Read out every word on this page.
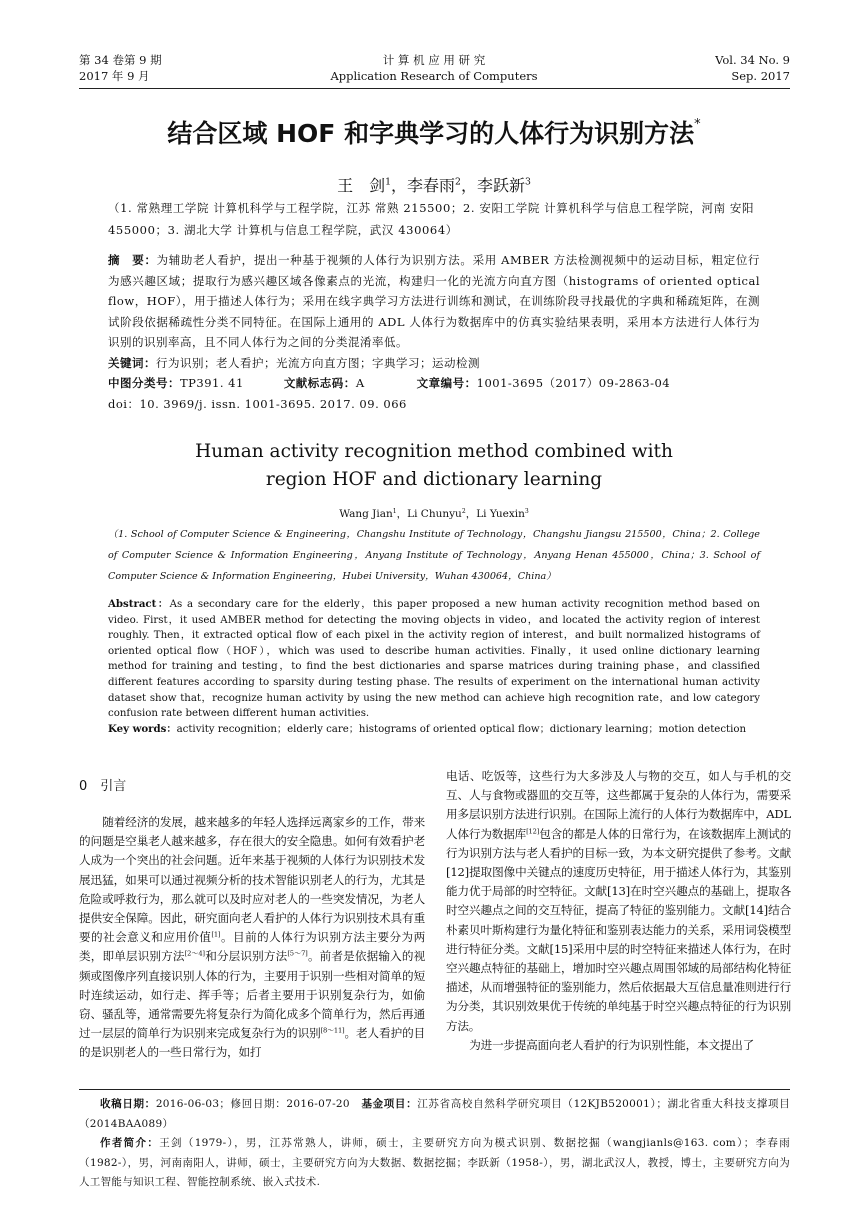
第 34 卷第 9 期
2017 年 9 月
计 算 机 应 用 研 究
Application Research of Computers
Vol. 34 No. 9
Sep. 2017
结合区域 HOF 和字典学习的人体行为识别方法*
王　剑$^1$，李春雨$^2$，李跃新$^3$
（1. 常熟理工学院 计算机科学与工程学院，江苏 常熟 215500；2. 安阳工学院 计算机科学与信息工程学院，河南 安阳 455000；3. 湖北大学 计算机与信息工程学院，武汉 430064）

摘　要：为辅助老人看护，提出一种基于视频的人体行为识别方法。采用 AMBER 方法检测视频中的运动目标，粗定位行为感兴趣区域；提取行为感兴趣区域各像素点的光流，构建归一化的光流方向直方图（histograms of oriented optical flow，HOF），用于描述人体行为；采用在线字典学习方法进行训练和测试，在训练阶段寻找最优的字典和稀疏矩阵，在测试阶段依据稀疏性分类不同特征。在国际上通用的 ADL 人体行为数据库中的仿真实验结果表明，采用本方法进行人体行为识别的识别率高，且不同人体行为之间的分类混淆率低。

关键词：行为识别；老人看护；光流方向直方图；字典学习；运动检测

中图分类号：TP391. 41	文献标志码：A	文章编号：1001-3695（2017）09-2863-04

doi：10. 3969/j. issn. 1001-3695. 2017. 09. 066

Human activity recognition method combined with
region HOF and dictionary learning
Wang Jian$^1$，Li Chunyu$^2$，Li Yuexin$^3$
（1. School of Computer Science & Engineering，Changshu Institute of Technology，Changshu Jiangsu 215500，China；2. College of Computer Science & Information Engineering，Anyang Institute of Technology，Anyang Henan 455000，China；3. School of Computer Science & Information Engineering，Hubei University，Wuhan 430064，China）

Abstract：As a secondary care for the elderly，this paper proposed a new human activity recognition method based on video. First，it used AMBER method for detecting the moving objects in video，and located the activity region of interest roughly. Then，it extracted optical flow of each pixel in the activity region of interest，and built normalized histograms of oriented optical flow（HOF），which was used to describe human activities. Finally，it used online dictionary learning method for training and testing，to find the best dictionaries and sparse matrices during training phase，and classified different features according to sparsity during testing phase. The results of experiment on the international human activity dataset show that，recognize human activity by using the new method can achieve high recognition rate，and low category confusion rate between different human activities.

Key words：activity recognition；elderly care；histograms of oriented optical flow；dictionary learning；motion detection

0　引言

随着经济的发展，越来越多的年轻人选择远离家乡的工作，带来的问题是空巢老人越来越多，存在很大的安全隐患。如何有效看护老人成为一个突出的社会问题。近年来基于视频的人体行为识别技术发展迅猛，如果可以通过视频分析的技术智能识别老人的行为，尤其是危险或呼救行为，那么就可以及时应对老人的一些突发情况，为老人提供安全保障。因此，研究面向老人看护的人体行为识别技术具有重要的社会意义和应用价值[1]。目前的人体行为识别方法主要分为两类，即单层识别方法[2～4]和分层识别方法[5～7]。前者是依据输入的视频或图像序列直接识别人体的行为，主要用于识别一些相对简单的短时连续运动，如行走、挥手等；后者主要用于识别复杂行为，如偷窃、骚乱等，通常需要先将复杂行为简化成多个简单行为，然后再通过一层层的简单行为识别来完成复杂行为的识别[8～11]。老人看护的目的是识别老人的一些日常行为，如打

电话、吃饭等，这些行为大多涉及人与物的交互，如人与手机的交互、人与食物或器皿的交互等，这些都属于复杂的人体行为，需要采用多层识别方法进行识别。在国际上流行的人体行为数据库中，ADL 人体行为数据库[12]包含的都是人体的日常行为，在该数据库上测试的行为识别方法与老人看护的目标一致，为本文研究提供了参考。文献[12]提取图像中关键点的速度历史特征，用于描述人体行为，其鉴别能力优于局部的时空特征。文献[13]在时空兴趣点的基础上，提取各时空兴趣点之间的交互特征，提高了特征的鉴别能力。文献[14]结合朴素贝叶斯构建行为量化特征和鉴别表达能力的关系，采用词袋模型进行特征分类。文献[15]采用中层的时空特征来描述人体行为，在时空兴趣点特征的基础上，增加时空兴趣点周围邻域的局部结构化特征描述，从而增强特征的鉴别能力，然后依据最大互信息量准则进行行为分类，其识别效果优于传统的单纯基于时空兴趣点特征的行为识别方法。

为进一步提高面向老人看护的行为识别性能，本文提出了

收稿日期：2016-06-03；修回日期：2016-07-20　基金项目：江苏省高校自然科学研究项目（12KJB520001）；湖北省重大科技支撑项目（2014BAA089）

作者简介：王剑（1979-），男，江苏常熟人，讲师，硕士，主要研究方向为模式识别、数据挖掘（wangjianls@163. com）；李春雨（1982-），男，河南南阳人，讲师，硕士，主要研究方向为大数据、数据挖掘；李跃新（1958-），男，湖北武汉人，教授，博士，主要研究方向为人工智能与知识工程、智能控制系统、嵌入式技术.
